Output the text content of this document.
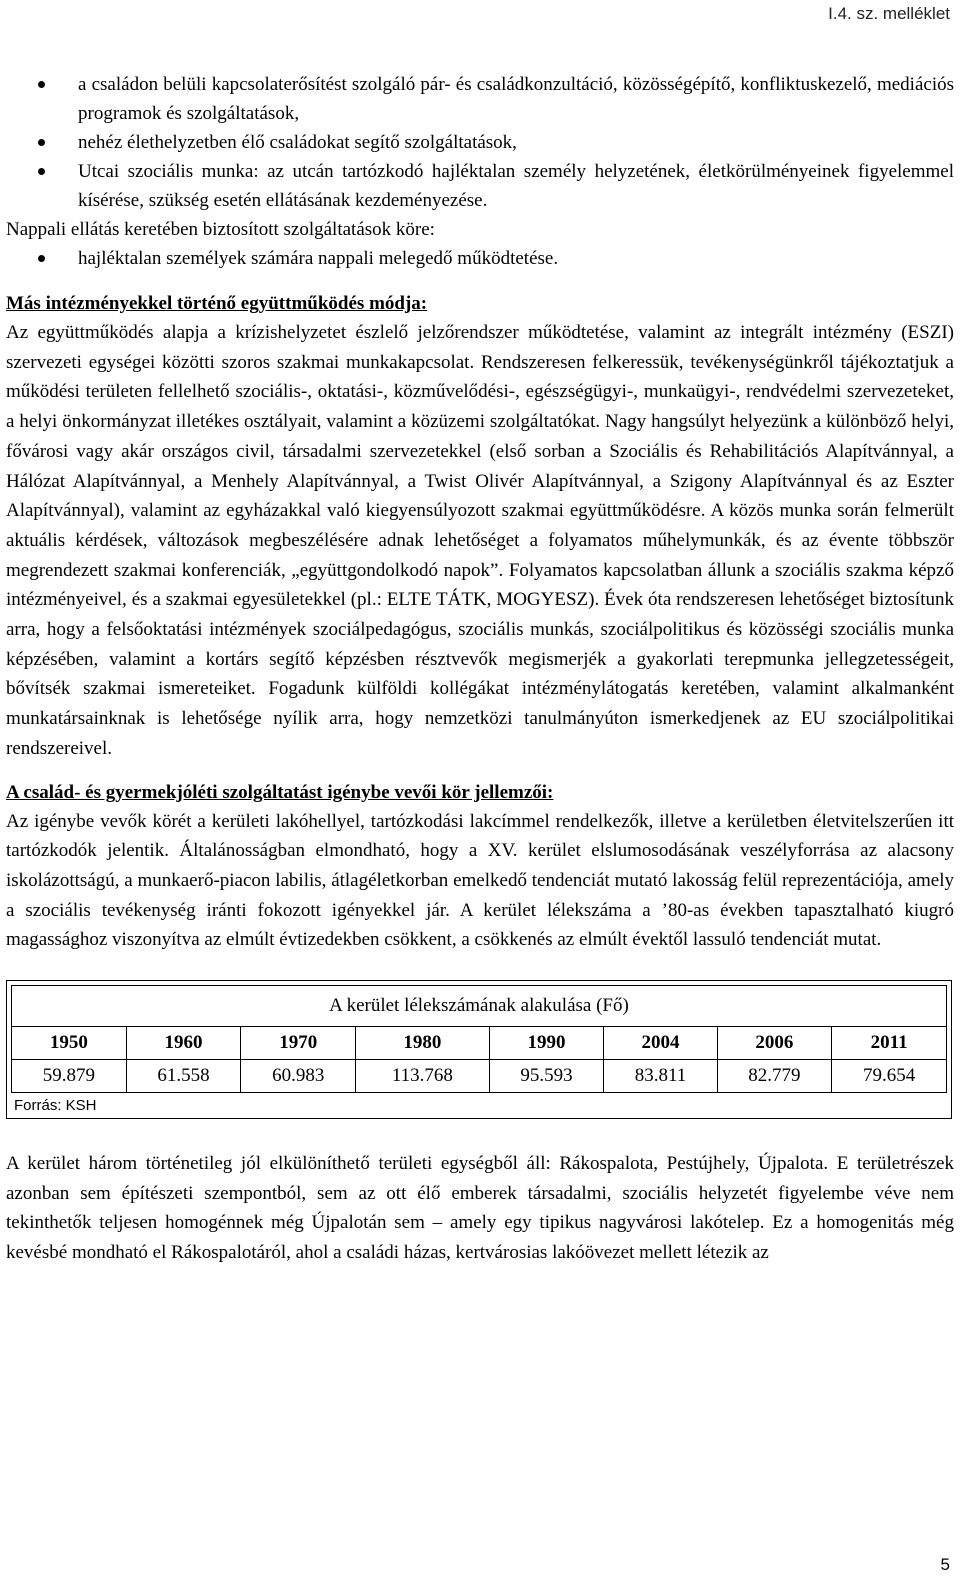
I.4. sz. melléklet
a családon belüli kapcsolaterősítést szolgáló pár- és családkonzultáció, közösségépítő, konfliktuskezelő, mediációs programok és szolgáltatások,
nehéz élethelyzetben élő családokat segítő szolgáltatások,
Utcai szociális munka: az utcán tartózkodó hajléktalan személy helyzetének, életkörülményeinek figyelemmel kísérése, szükség esetén ellátásának kezdeményezése.
Nappali ellátás keretében biztosított szolgáltatások köre:
hajléktalan személyek számára nappali melegedő működtetése.
Más intézményekkel történő együttműködés módja:

Az együttműködés alapja a krízishelyzetet észlelő jelzőrendszer működtetése, valamint az integrált intézmény (ESZI) szervezeti egységei közötti szoros szakmai munkakapcsolat. Rendszeresen felkeressük, tevékenységünkről tájékoztatjuk a működési területen fellelhető szociális-, oktatási-, közművelődési-, egészségügyi-, munkaügyi-, rendvédelmi szervezeteket, a helyi önkormányzat illetékes osztályait, valamint a közüzemi szolgáltatókat. Nagy hangsúlyt helyezünk a különböző helyi, fővárosi vagy akár országos civil, társadalmi szervezetekkel (első sorban a Szociális és Rehabilitációs Alapítvánnyal, a Hálózat Alapítvánnyal, a Menhely Alapítvánnyal, a Twist Olivér Alapítvánnyal, a Szigony Alapítvánnyal és az Eszter Alapítvánnyal), valamint az egyházakkal való kiegyensúlyozott szakmai együttműködésre. A közös munka során felmerült aktuális kérdések, változások megbeszélésére adnak lehetőséget a folyamatos műhelymunkák, és az évente többször megrendezett szakmai konferenciák, „együttgondolkodó napok”. Folyamatos kapcsolatban állunk a szociális szakma képző intézményeivel, és a szakmai egyesületekkel (pl.: ELTE TÁTK, MOGYESZ). Évek óta rendszeresen lehetőséget biztosítunk arra, hogy a felsőoktatási intézmények szociálpedagógus, szociális munkás, szociálpolitikus és közösségi szociális munka képzésében, valamint a kortárs segítő képzésben résztvevők megismerjék a gyakorlati terepmunka jellegzetességeit, bővítsék szakmai ismereteiket. Fogadunk külföldi kollégákat intézménylátogatás keretében, valamint alkalmanként munkatársainknak is lehetősége nyílik arra, hogy nemzetközi tanulmányúton ismerkedjenek az EU szociálpolitikai rendszereivel.

A család- és gyermekjóléti szolgáltatást igénybe vevői kör jellemzői:

Az igénybe vevők körét a kerületi lakóhellyel, tartózkodási lakcímmel rendelkezők, illetve a kerületben életvitelszerűen itt tartózkodók jelentik. Általánosságban elmondható, hogy a XV. kerület elslumosodásának veszélyforrása az alacsony iskolázottságú, a munkaerő-piacon labilis, átlagéletkorban emelkedő tendenciát mutató lakosság felül reprezentációja, amely a szociális tevékenység iránti fokozott igényekkel jár. A kerület lélekszáma a ’80-as években tapasztalható kiugró magassághoz viszonyítva az elmúlt évtizedekben csökkent, a csökkenés az elmúlt évektől lassuló tendenciát mutat.

A kerület lélekszámának alakulása (Fő)							
1950	1960	1970	1980	1990	2004	2006	2011
59.879	61.558	60.983	113.768	95.593	83.811	82.779	79.654
Forrás: KSH

A kerület három történetileg jól elkülöníthető területi egységből áll: Rákospalota, Pestújhely, Újpalota. E területrészek azonban sem építészeti szempontból, sem az ott élő emberek társadalmi, szociális helyzetét figyelembe véve nem tekinthetők teljesen homogénnek még Újpalotán sem – amely egy tipikus nagyvárosi lakótelep. Ez a homogenitás még kevésbé mondható el Rákospalotáról, ahol a családi házas, kertvárosias lakóövezet mellett létezik az

5
